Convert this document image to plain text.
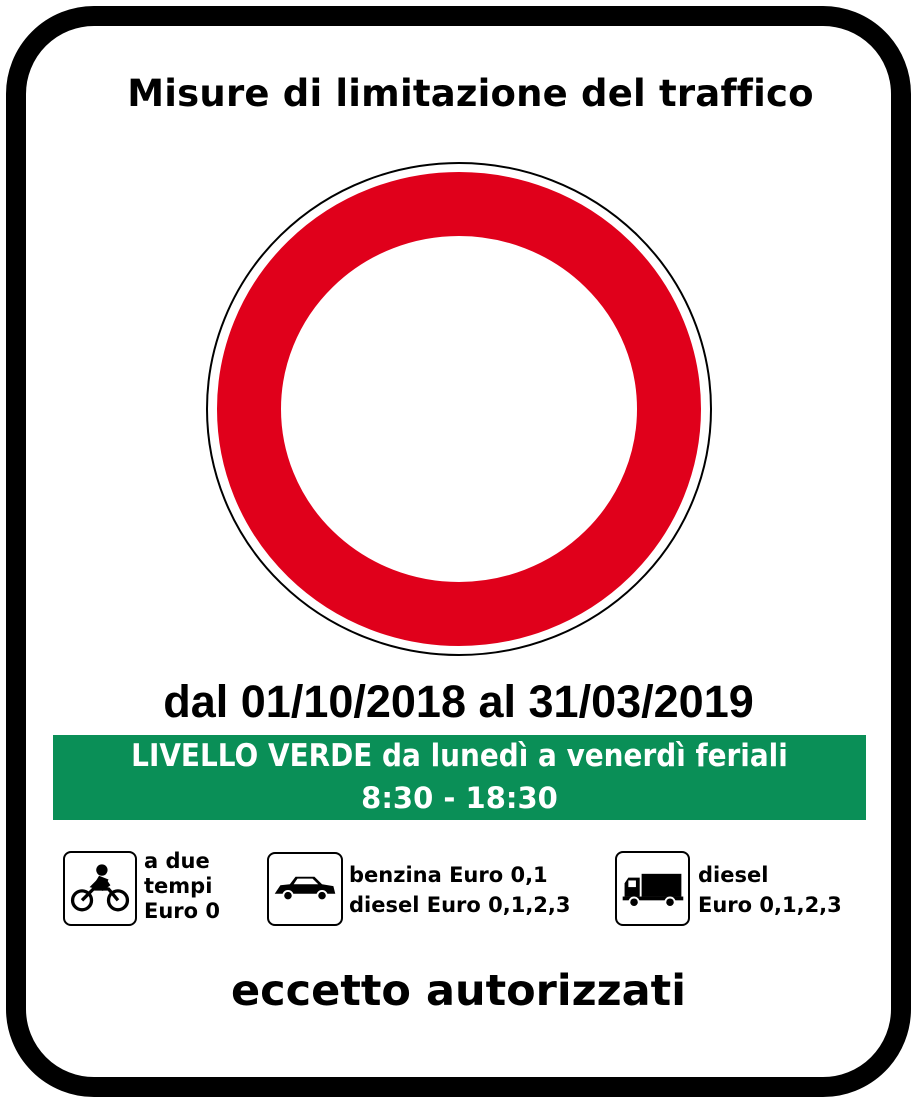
Misure di limitazione del traffico
dal 01/10/2018 al 31/03/2019
LIVELLO VERDE da lunedì a venerdì feriali
8:30 - 18:30
a due
tempi
Euro 0
benzina Euro 0,1
diesel Euro 0,1,2,3
diesel
Euro 0,1,2,3
eccetto autorizzati
